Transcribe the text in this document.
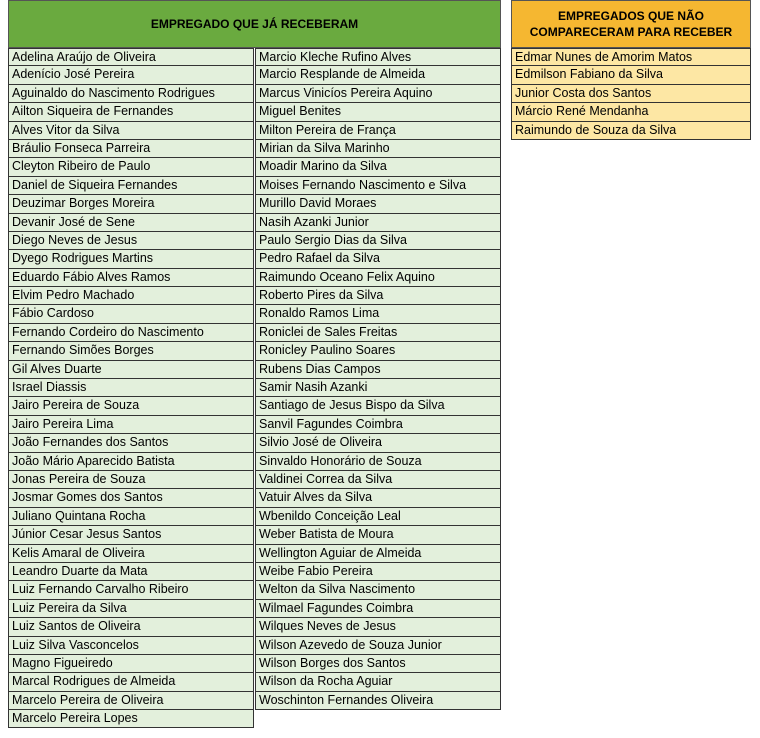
EMPREGADO QUE JÁ RECEBERAM
EMPREGADOS QUE NÃO
COMPARECERAM PARA RECEBER
Adelina Araújo de Oliveira
Adenício José Pereira
Aguinaldo do Nascimento Rodrigues
Ailton Siqueira de Fernandes
Alves Vitor da Silva
Bráulio Fonseca Parreira
Cleyton Ribeiro de Paulo
Daniel de Siqueira Fernandes
Deuzimar Borges Moreira
Devanir José de Sene
Diego Neves de Jesus
Dyego Rodrigues Martins
Eduardo Fábio Alves Ramos
Elvim Pedro Machado
Fábio Cardoso
Fernando Cordeiro do Nascimento
Fernando Simões Borges
Gil Alves Duarte
Israel Diassis
Jairo Pereira de Souza
Jairo Pereira Lima
João Fernandes dos Santos
João Mário Aparecido Batista
Jonas Pereira de Souza
Josmar Gomes dos Santos
Juliano Quintana Rocha
Júnior Cesar Jesus Santos
Kelis Amaral de Oliveira
Leandro Duarte da Mata
Luiz Fernando Carvalho Ribeiro
Luiz Pereira da Silva
Luiz Santos de Oliveira
Luiz Silva Vasconcelos
Magno Figueiredo
Marcal Rodrigues de Almeida
Marcelo Pereira de Oliveira
Marcelo Pereira Lopes
Marcio Kleche Rufino Alves
Marcio Resplande de Almeida
Marcus Vinicíos Pereira Aquino
Miguel Benites
Milton Pereira de França
Mirian da Silva Marinho
Moadir Marino da Silva
Moises Fernando Nascimento e Silva
Murillo David Moraes
Nasih Azanki Junior
Paulo Sergio Dias da Silva
Pedro Rafael da Silva
Raimundo Oceano Felix Aquino
Roberto Pires da Silva
Ronaldo Ramos Lima
Roniclei de Sales Freitas
Ronicley Paulino Soares
Rubens Dias Campos
Samir Nasih Azanki
Santiago de Jesus Bispo da Silva
Sanvil Fagundes Coimbra
Silvio José de Oliveira
Sinvaldo Honorário de Souza
Valdinei Correa da Silva
Vatuir Alves da Silva
Wbenildo Conceição Leal
Weber Batista de Moura
Wellington Aguiar de Almeida
Weibe Fabio Pereira
Welton da Silva Nascimento
Wilmael Fagundes Coimbra
Wilques Neves de Jesus
Wilson Azevedo de Souza Junior
Wilson Borges dos Santos
Wilson da Rocha Aguiar
Woschinton Fernandes Oliveira
Edmar Nunes de Amorim Matos
Edmilson Fabiano da Silva
Junior Costa dos Santos
Márcio René Mendanha
Raimundo de Souza da Silva
